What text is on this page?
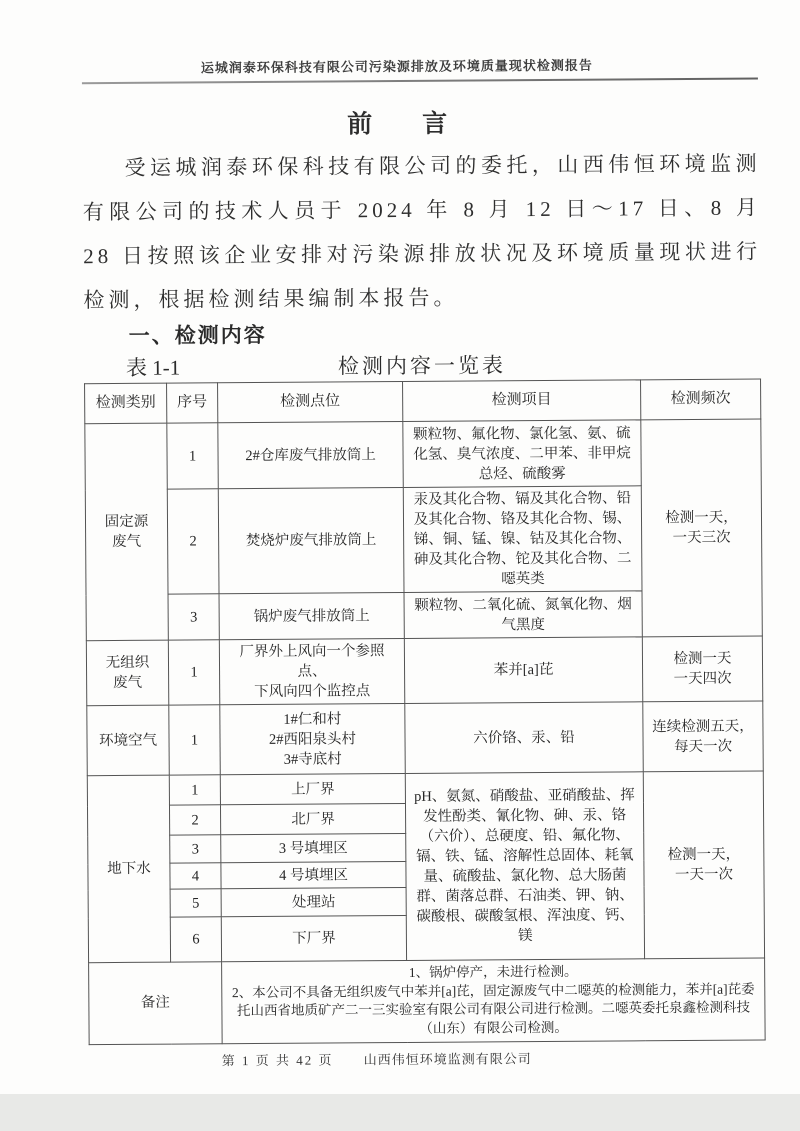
运城润泰环保科技有限公司污染源排放及环境质量现状检测报告
前　　言
受运城润泰环保科技有限公司的委托，山西伟恒环境监测有限公司的技术人员于 2024 年 8 月 12 日～17 日、8 月 28 日按照该企业安排对污染源排放状况及环境质量现状进行检测，根据检测结果编制本报告。
一、检测内容
表 1-1	检测内容一览表
检测类别	序号	检测点位	检测项目	检测频次
固定源
废气	1	2#仓库废气排放筒上	颗粒物、氟化物、氯化氢、氨、硫化氢、臭气浓度、二甲苯、非甲烷总烃、硫酸雾	检测一天，
一天三次
	2	焚烧炉废气排放筒上	汞及其化合物、镉及其化合物、铅及其化合物、铬及其化合物、锡、锑、铜、锰、镍、钴及其化合物、砷及其化合物、铊及其化合物、二噁英类	
	3	锅炉废气排放筒上	颗粒物、二氧化硫、氮氧化物、烟气黑度	
无组织
废气	1	厂界外上风向一个参照点、
下风向四个监控点	苯并[a]芘	检测一天
一天四次
环境空气	1	1#仁和村
2#西阳泉头村
3#寺底村	六价铬、汞、铅	连续检测五天，
每天一次
地下水	1	上厂界	pH、氨氮、硝酸盐、亚硝酸盐、挥发性酚类、氰化物、砷、汞、铬（六价）、总硬度、铅、氟化物、镉、铁、锰、溶解性总固体、耗氧量、硫酸盐、氯化物、总大肠菌群、菌落总群、石油类、钾、钠、碳酸根、碳酸氢根、浑浊度、钙、镁	检测一天，
一天一次
	2	北厂界		
	3	3 号填埋区		
	4	4 号填埋区		
	5	处理站		
	6	下厂界		
备注		1、锅炉停产，未进行检测。
2、本公司不具备无组织废气中苯并[a]芘，固定源废气中二噁英的检测能力，苯并[a]芘委托山西省地质矿产二一三实验室有限公司有限公司进行检测。二噁英委托泉鑫检测科技（山东）有限公司检测。		
第 1 页 共 42 页 山西伟恒环境监测有限公司
